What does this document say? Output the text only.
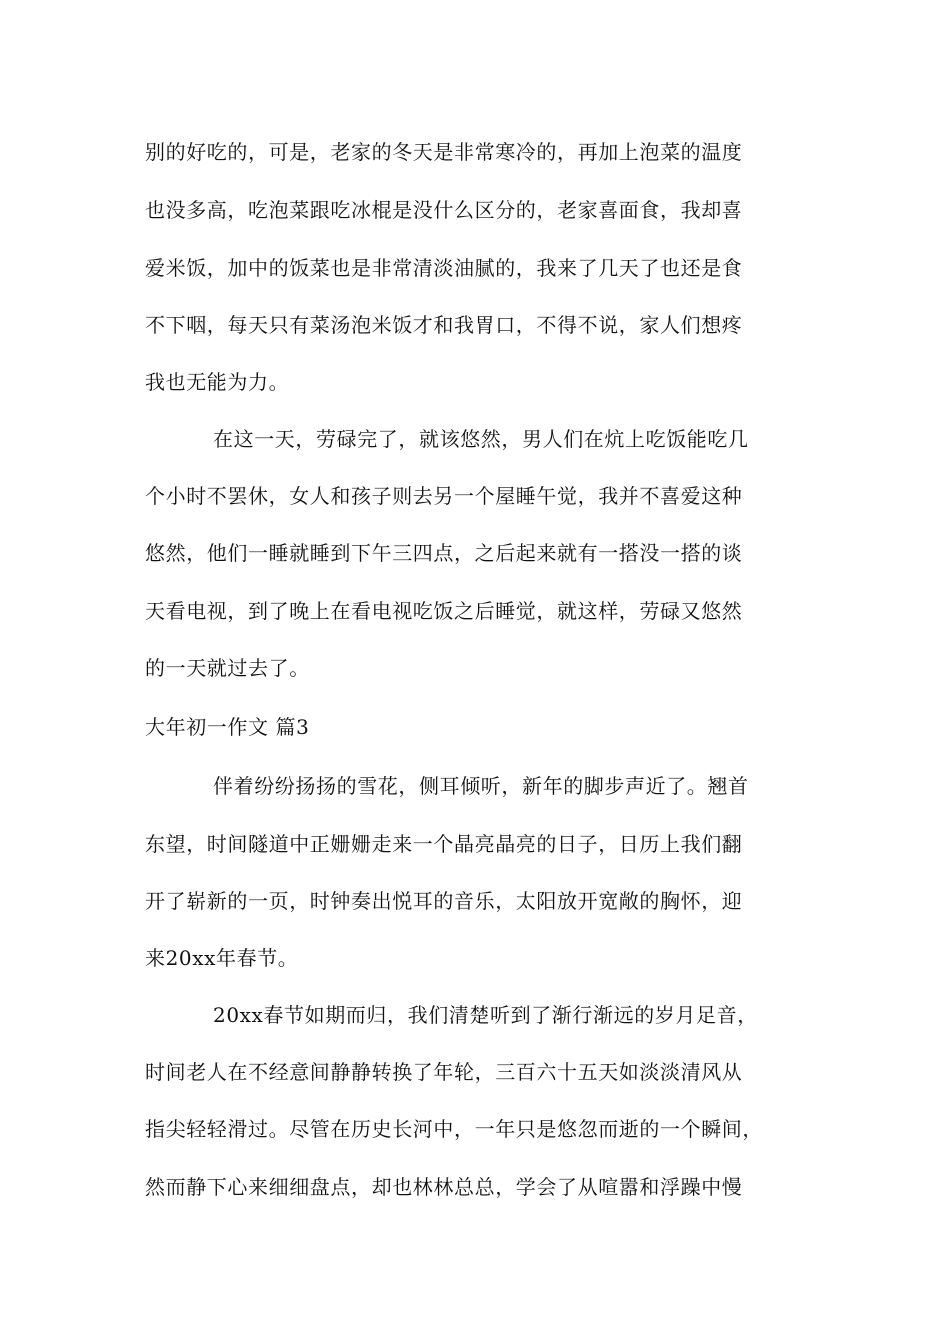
别的好吃的，可是，老家的冬天是非常寒冷的，再加上泡菜的温度
也没多高，吃泡菜跟吃冰棍是没什么区分的，老家喜面食，我却喜
爱米饭，加中的饭菜也是非常清淡油腻的，我来了几天了也还是食
不下咽，每天只有菜汤泡米饭才和我胃口，不得不说，家人们想疼
我也无能为力。
在这一天，劳碌完了，就该悠然，男人们在炕上吃饭能吃几
个小时不罢休，女人和孩子则去另一个屋睡午觉，我并不喜爱这种
悠然，他们一睡就睡到下午三四点，之后起来就有一搭没一搭的谈
天看电视，到了晚上在看电视吃饭之后睡觉，就这样，劳碌又悠然
的一天就过去了。
大年初一作文 篇3
伴着纷纷扬扬的雪花，侧耳倾听，新年的脚步声近了。翘首
东望，时间隧道中正姗姗走来一个晶亮晶亮的日子，日历上我们翻
开了崭新的一页，时钟奏出悦耳的音乐，太阳放开宽敞的胸怀，迎
来20xx年春节。
20xx春节如期而归，我们清楚听到了渐行渐远的岁月足音，
时间老人在不经意间静静转换了年轮，三百六十五天如淡淡清风从
指尖轻轻滑过。尽管在历史长河中，一年只是悠忽而逝的一个瞬间，
然而静下心来细细盘点，却也林林总总，学会了从喧嚣和浮躁中慢
